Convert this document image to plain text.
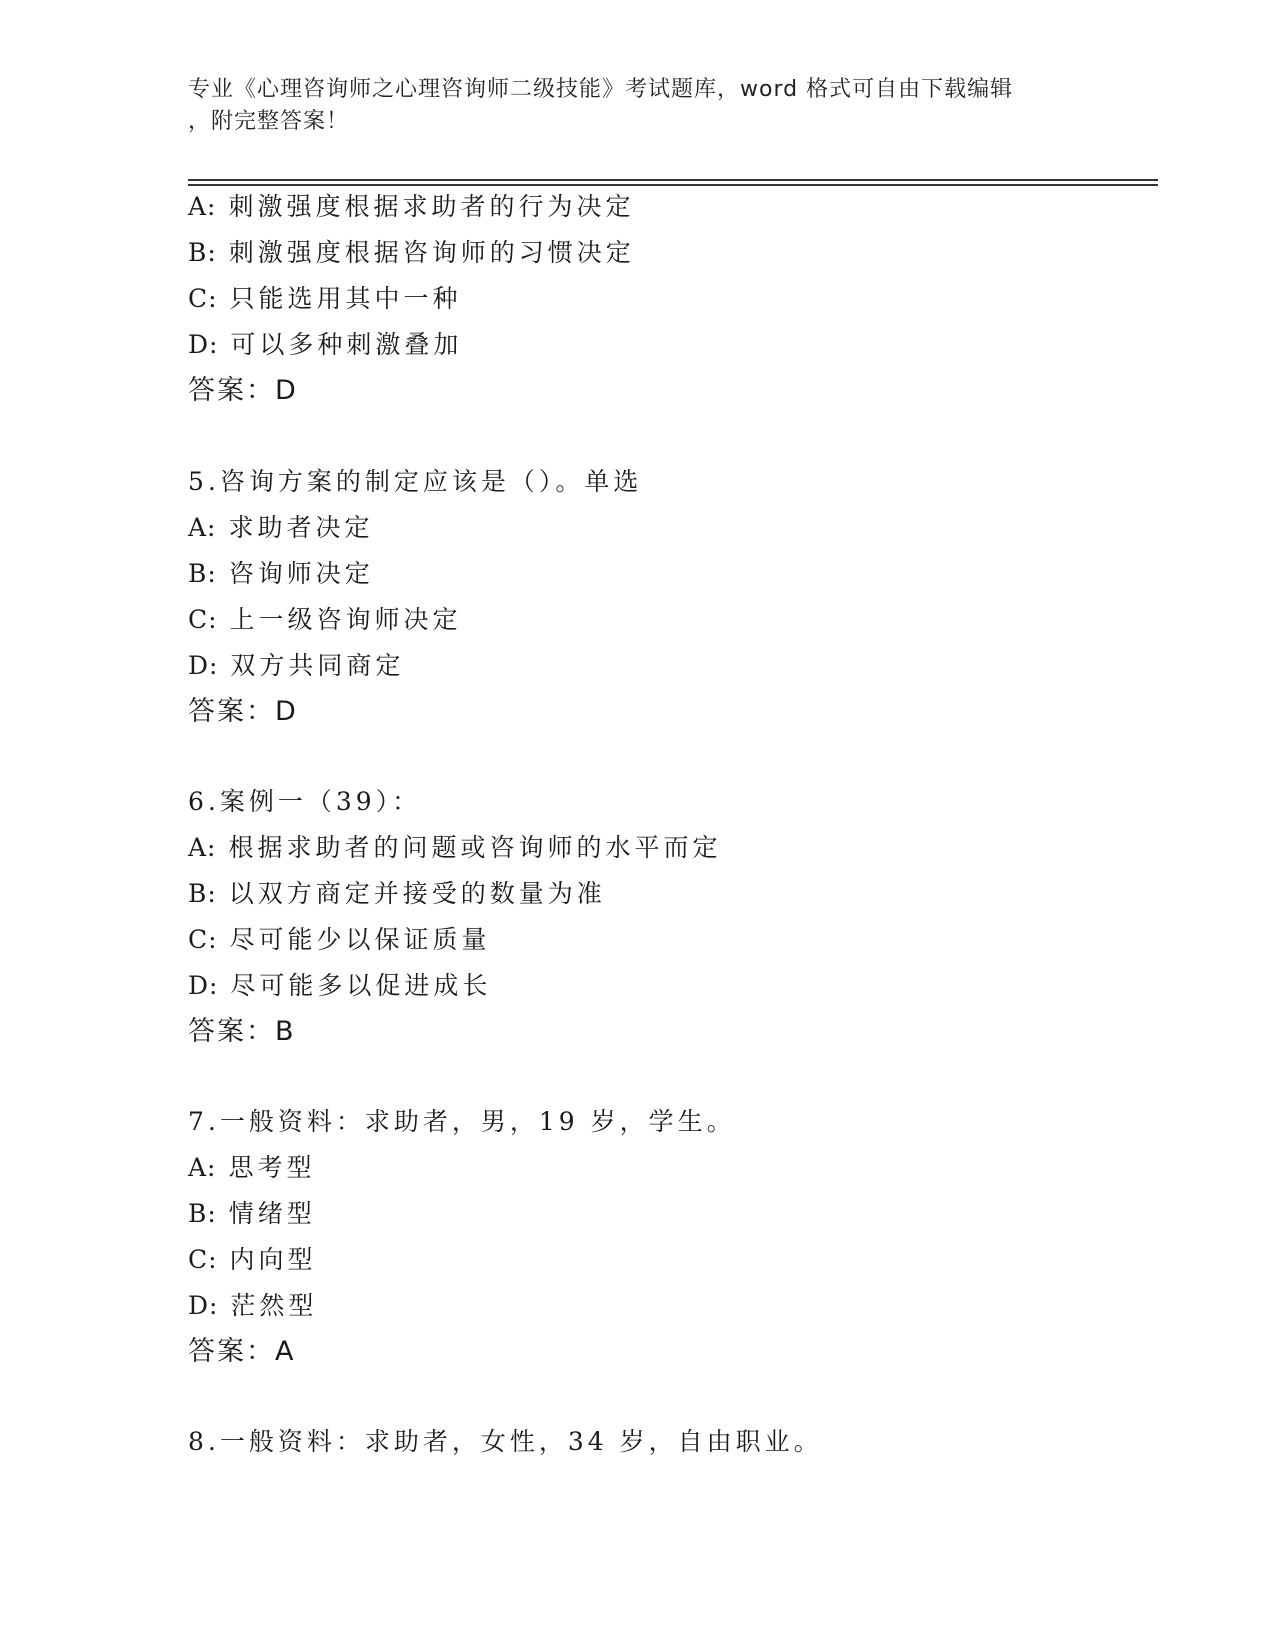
专业《心理咨询师之心理咨询师二级技能》考试题库，word 格式可自由下载编辑
，附完整答案！
A: 刺激强度根据求助者的行为决定
B: 刺激强度根据咨询师的习惯决定
C: 只能选用其中一种
D: 可以多种刺激叠加
答案：D
5.咨询方案的制定应该是（）。单选
A: 求助者决定
B: 咨询师决定
C: 上一级咨询师决定
D: 双方共同商定
答案：D
6.案例一（39）：
A: 根据求助者的问题或咨询师的水平而定
B: 以双方商定并接受的数量为准
C: 尽可能少以保证质量
D: 尽可能多以促进成长
答案：B
7.一般资料：求助者，男，19 岁，学生。
A: 思考型
B: 情绪型
C: 内向型
D: 茫然型
答案：A
8.一般资料：求助者，女性，34 岁，自由职业。
